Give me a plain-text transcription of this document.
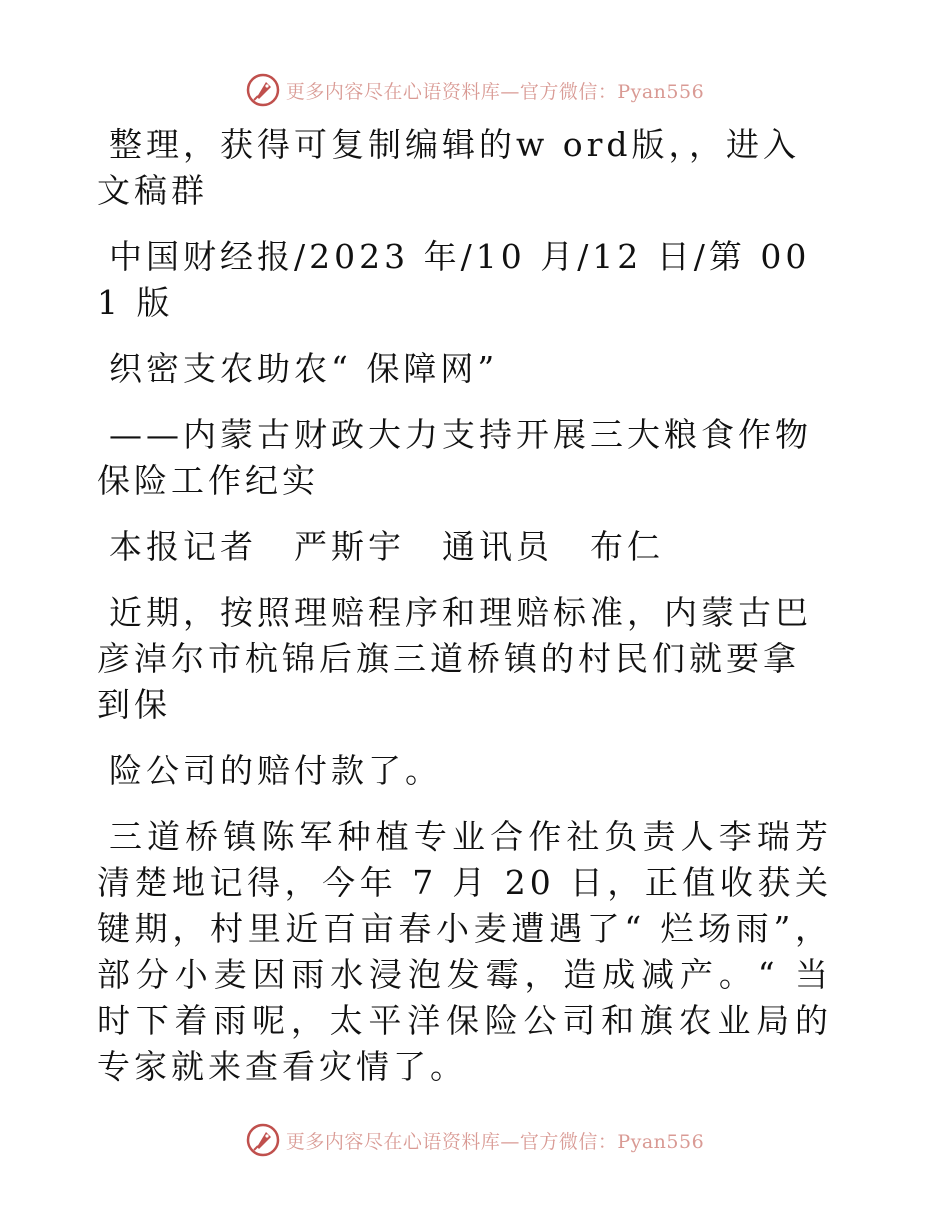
更多内容尽在心语资料库—官方微信：Pyan556

整理，获得可复制编辑的w ord版，，进入文稿群

中国财经报/2023 年/10 月/12 日/第 001 版

织密支农助农“ 保障网”

——内蒙古财政大力支持开展三大粮食作物保险工作纪实

本报记者　严斯宇　通讯员　布仁

近期，按照理赔程序和理赔标准，内蒙古巴彦淖尔市杭锦后旗三道桥镇的村民们就要拿到保

险公司的赔付款了。

三道桥镇陈军种植专业合作社负责人李瑞芳清楚地记得，今年 7 月 20 日，正值收获关键期，村里近百亩春小麦遭遇了“ 烂场雨”，部分小麦因雨水浸泡发霉，造成减产。“ 当时下着雨呢，太平洋保险公司和旗农业局的专家就来查看灾情了。

更多内容尽在心语资料库—官方微信：Pyan556
